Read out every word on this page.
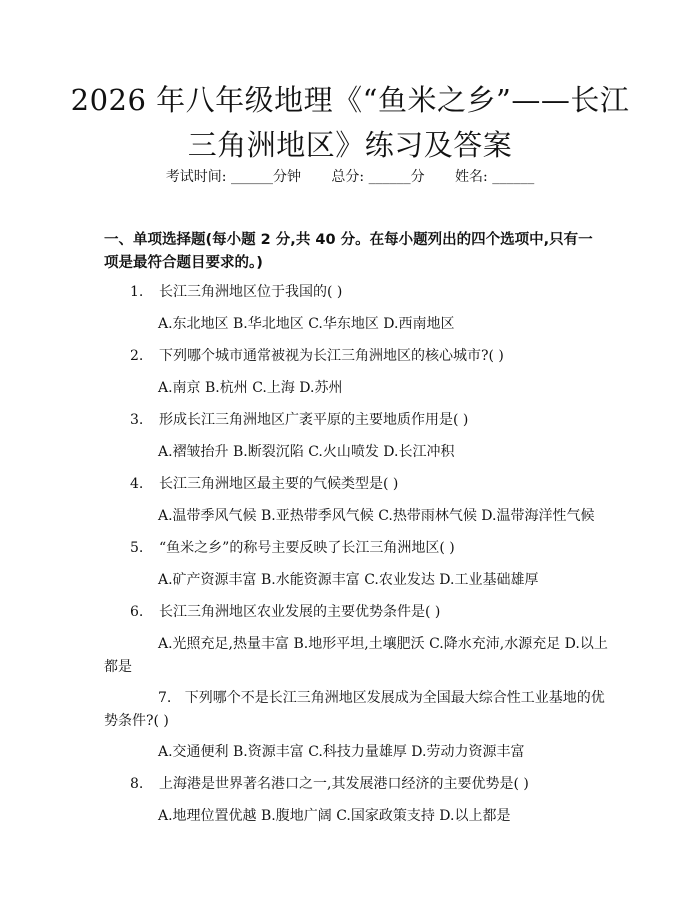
2026 年八年级地理《“鱼米之乡”——长江
三角洲地区》练习及答案
考试时间: ______分钟 总分: ______分 姓名: ______
一、单项选择题(每小题 2 分,共 40 分。在每小题列出的四个选项中,只有一项是最符合题目要求的。)
1. 长江三角洲地区位于我国的( )
A.东北地区 B.华北地区 C.华东地区 D.西南地区
2. 下列哪个城市通常被视为长江三角洲地区的核心城市?( )
A.南京 B.杭州 C.上海 D.苏州
3. 形成长江三角洲地区广袤平原的主要地质作用是( )
A.褶皱抬升 B.断裂沉陷 C.火山喷发 D.长江冲积
4. 长江三角洲地区最主要的气候类型是( )
A.温带季风气候 B.亚热带季风气候 C.热带雨林气候 D.温带海洋性气候
5. “鱼米之乡”的称号主要反映了长江三角洲地区( )
A.矿产资源丰富 B.水能资源丰富 C.农业发达 D.工业基础雄厚
6. 长江三角洲地区农业发展的主要优势条件是( )
A.光照充足,热量丰富 B.地形平坦,土壤肥沃 C.降水充沛,水源充足 D.以上都是
7. 下列哪个不是长江三角洲地区发展成为全国最大综合性工业基地的优势条件?( )
A.交通便利 B.资源丰富 C.科技力量雄厚 D.劳动力资源丰富
8. 上海港是世界著名港口之一,其发展港口经济的主要优势是( )
A.地理位置优越 B.腹地广阔 C.国家政策支持 D.以上都是
